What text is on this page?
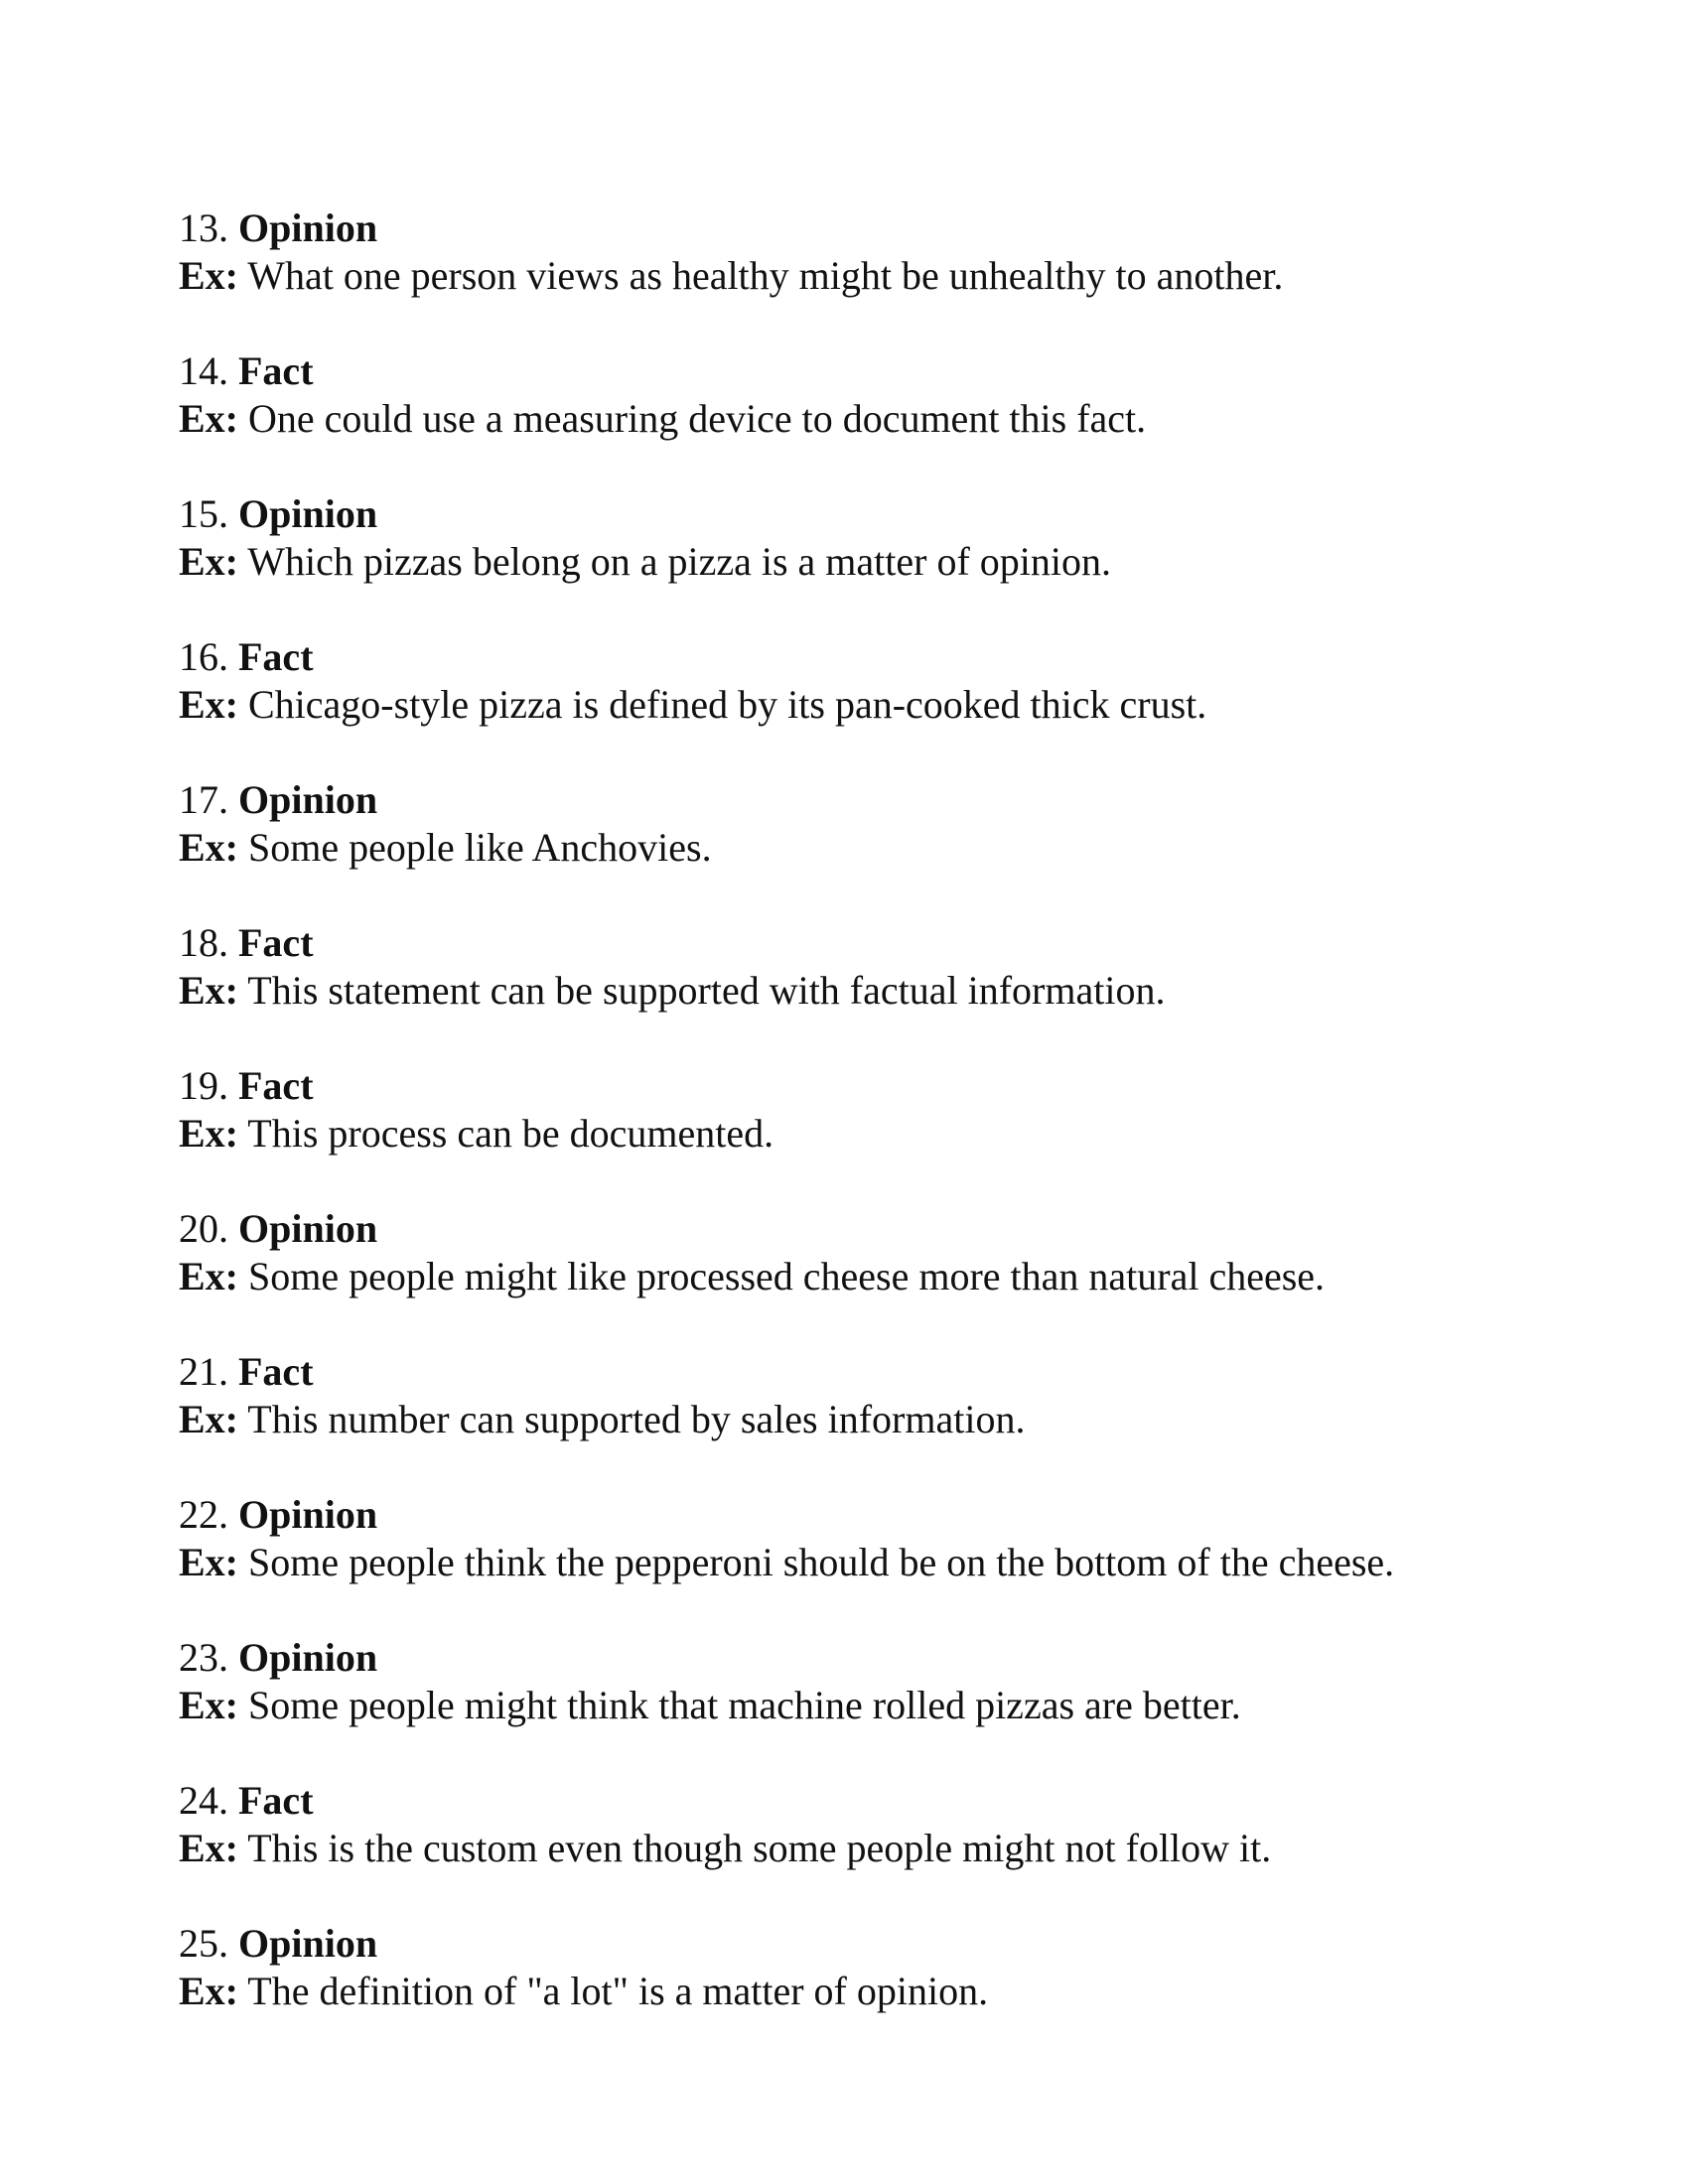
13. Opinion
Ex: What one person views as healthy might be unhealthy to another.
14. Fact
Ex: One could use a measuring device to document this fact.
15. Opinion
Ex: Which pizzas belong on a pizza is a matter of opinion.
16. Fact
Ex: Chicago-style pizza is defined by its pan-cooked thick crust.
17. Opinion
Ex: Some people like Anchovies.
18. Fact
Ex: This statement can be supported with factual information.
19. Fact
Ex: This process can be documented.
20. Opinion
Ex: Some people might like processed cheese more than natural cheese.
21. Fact
Ex: This number can supported by sales information.
22. Opinion
Ex: Some people think the pepperoni should be on the bottom of the cheese.
23. Opinion
Ex: Some people might think that machine rolled pizzas are better.
24. Fact
Ex: This is the custom even though some people might not follow it.
25. Opinion
Ex: The definition of "a lot" is a matter of opinion.
